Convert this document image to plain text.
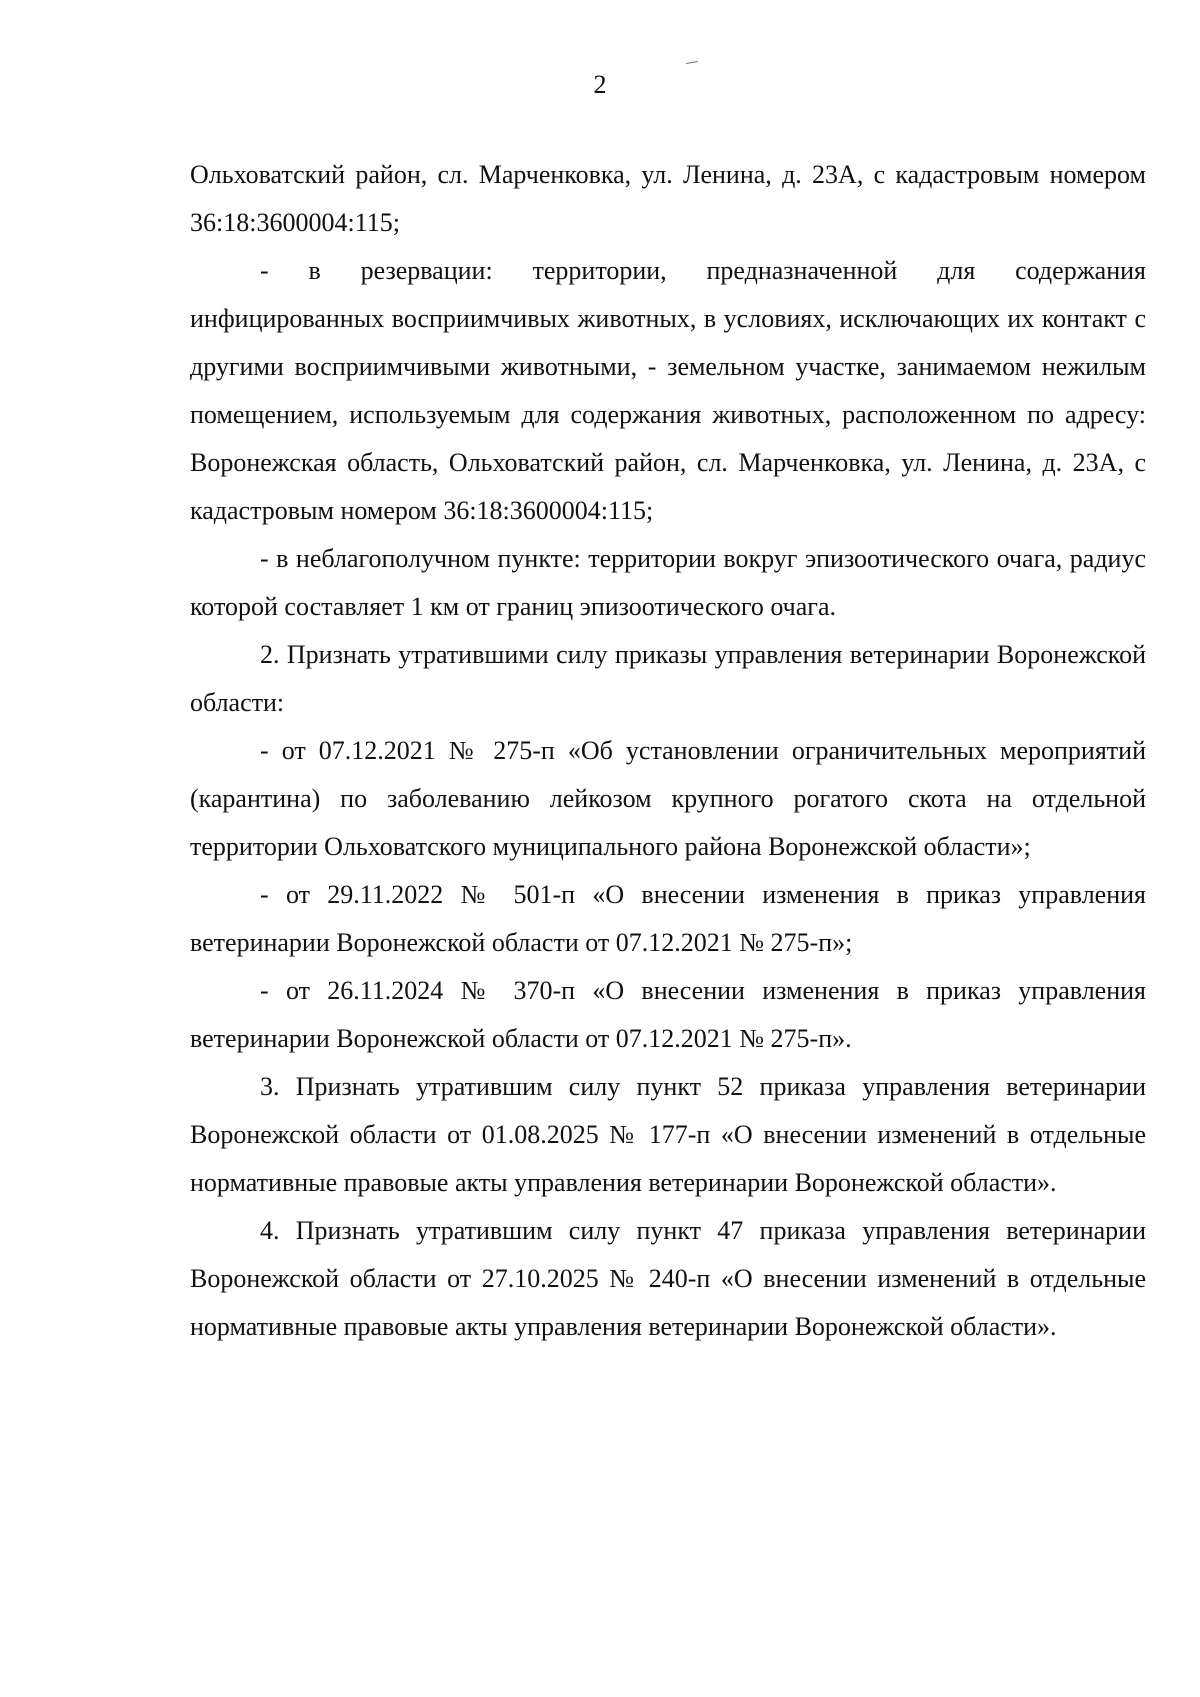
2

Ольховатский район, сл. Марченковка, ул. Ленина, д. 23А, с кадастровым номером 36:18:3600004:115;

- в резервации: территории, предназначенной для содержания инфицированных восприимчивых животных, в условиях, исключающих их контакт с другими восприимчивыми животными, - земельном участке, занимаемом нежилым помещением, используемым для содержания животных, расположенном по адресу: Воронежская область, Ольховатский район, сл. Марченковка, ул. Ленина, д. 23А, с кадастровым номером 36:18:3600004:115;

- в неблагополучном пункте: территории вокруг эпизоотического очага, радиус которой составляет 1 км от границ эпизоотического очага.

2. Признать утратившими силу приказы управления ветеринарии Воронежской области:

- от 07.12.2021 № 275-п «Об установлении ограничительных мероприятий (карантина) по заболеванию лейкозом крупного рогатого скота на отдельной территории Ольховатского муниципального района Воронежской области»;

- от 29.11.2022 № 501-п «О внесении изменения в приказ управления ветеринарии Воронежской области от 07.12.2021 № 275-п»;

- от 26.11.2024 № 370-п «О внесении изменения в приказ управления ветеринарии Воронежской области от 07.12.2021 № 275-п».

3. Признать утратившим силу пункт 52 приказа управления ветеринарии Воронежской области от 01.08.2025 № 177-п «О внесении изменений в отдельные нормативные правовые акты управления ветеринарии Воронежской области».

4. Признать утратившим силу пункт 47 приказа управления ветеринарии Воронежской области от 27.10.2025 № 240-п «О внесении изменений в отдельные нормативные правовые акты управления ветеринарии Воронежской области».
